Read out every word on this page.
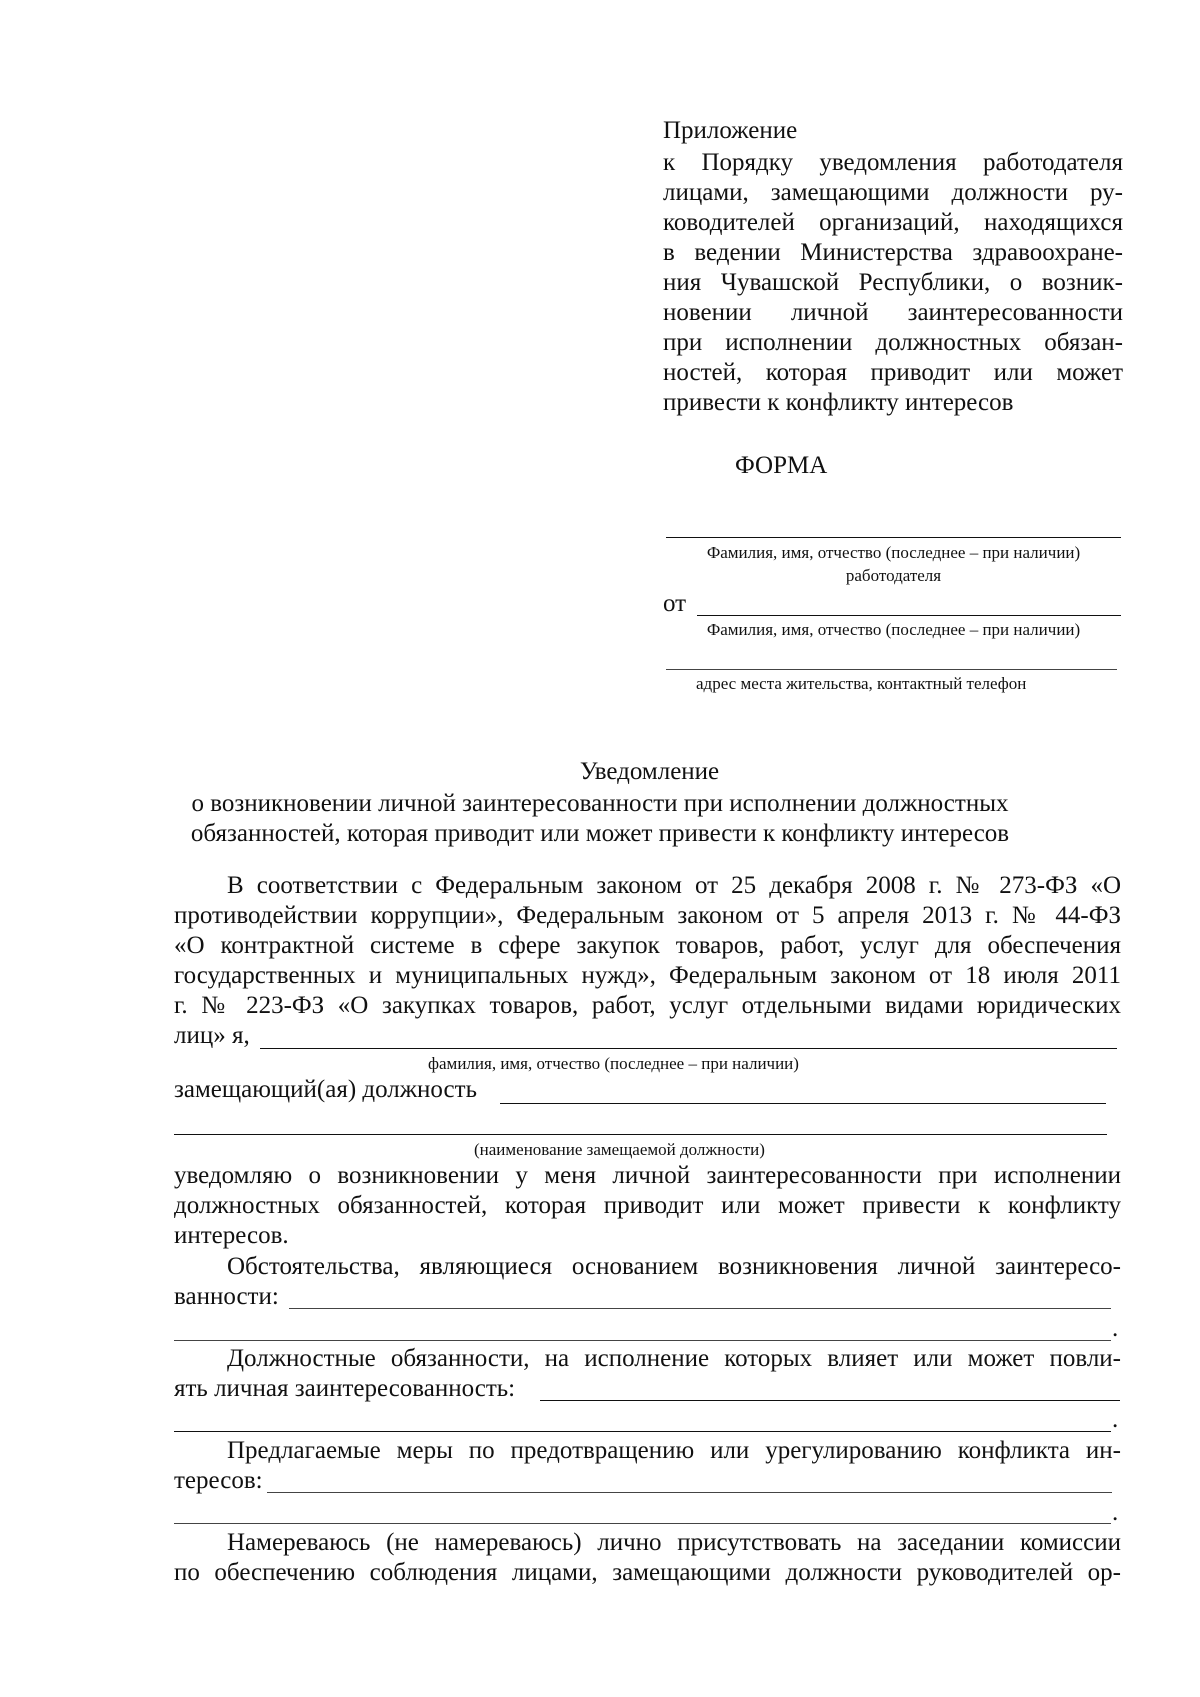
Приложение
к Порядку уведомления работодателя
лицами, замещающими должности ру-
ководителей организаций, находящихся
в ведении Министерства здравоохране-
ния Чувашской Республики, о возник-
новении личной заинтересованности
при исполнении должностных обязан-
ностей, которая приводит или может
привести к конфликту интересов
ФОРМА
Фамилия, имя, отчество (последнее – при наличии)
работодателя
от
Фамилия, имя, отчество (последнее – при наличии)
адрес места жительства, контактный телефон
Уведомление
о возникновении личной заинтересованности при исполнении должностных
обязанностей, которая приводит или может привести к конфликту интересов
В соответствии с Федеральным законом от 25 декабря 2008 г. № 273-ФЗ «О
противодействии коррупции», Федеральным законом от 5 апреля 2013 г. № 44-ФЗ
«О контрактной системе в сфере закупок товаров, работ, услуг для обеспечения
государственных и муниципальных нужд», Федеральным законом от 18 июля 2011
г. № 223-ФЗ «О закупках товаров, работ, услуг отдельными видами юридических
лиц» я,
фамилия, имя, отчество (последнее – при наличии)
замещающий(ая) должность
(наименование замещаемой должности)
уведомляю о возникновении у меня личной заинтересованности при исполнении
должностных обязанностей, которая приводит или может привести к конфликту
интересов.
Обстоятельства, являющиеся основанием возникновения личной заинтересо-
ванности:
.
Должностные обязанности, на исполнение которых влияет или может повли-
ять личная заинтересованность:
.
Предлагаемые меры по предотвращению или урегулированию конфликта ин-
тересов:
.
Намереваюсь (не намереваюсь) лично присутствовать на заседании комиссии
по обеспечению соблюдения лицами, замещающими должности руководителей ор-
